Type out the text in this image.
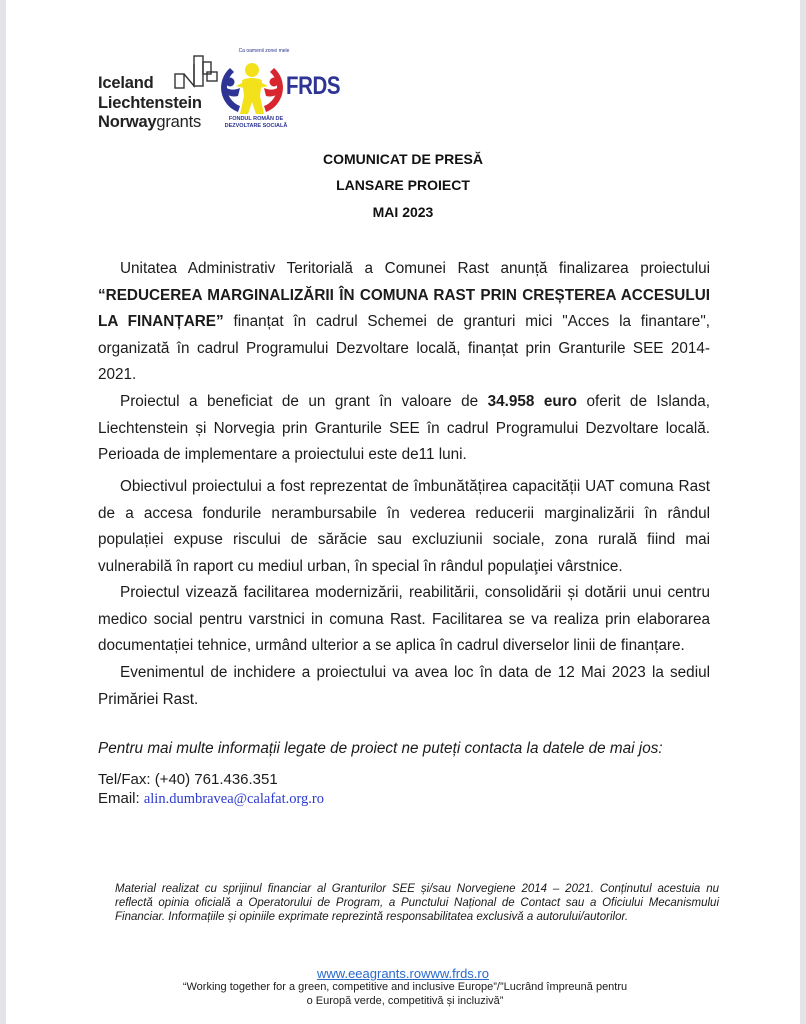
Iceland
Liechtenstein
Norwaygrants
Ca oamenii zonei mele
FRDS
FONDUL ROMÂN DE
DEZVOLTARE SOCIALĂ
COMUNICAT DE PRESĂ
LANSARE PROIECT
MAI 2023

Unitatea Administrativ Teritorială a Comunei Rast anunță finalizarea proiectului “REDUCEREA MARGINALIZĂRII ÎN COMUNA RAST PRIN CREȘTEREA ACCESULUI LA FINANȚARE” finanțat în cadrul Schemei de granturi mici "Acces la finantare", organizată în cadrul Programului Dezvoltare locală, finanțat prin Granturile SEE 2014-2021.

Proiectul a beneficiat de un grant în valoare de 34.958 euro oferit de Islanda, Liechtenstein și Norvegia prin Granturile SEE în cadrul Programului Dezvoltare locală. Perioada de implementare a proiectului este de11 luni.

Obiectivul proiectului a fost reprezentat de îmbunătățirea capacității UAT comuna Rast de a accesa fondurile nerambursabile în vederea reducerii marginalizării în rândul populației expuse riscului de sărăcie sau excluziunii sociale, zona rurală fiind mai vulnerabilă în raport cu mediul urban, în special în rândul populaţiei vârstnice.

Proiectul vizează facilitarea modernizării, reabilitării, consolidării și dotării unui centru medico social pentru varstnici in comuna Rast. Facilitarea se va realiza prin elaborarea documentației tehnice, urmând ulterior a se aplica în cadrul diverselor linii de finanțare.

Evenimentul de inchidere a proiectului va avea loc în data de 12 Mai 2023 la sediul Primăriei Rast.

Pentru mai multe informații legate de proiect ne puteți contacta la datele de mai jos:
Tel/Fax: (+40) 761.436.351
Email: alin.dumbravea@calafat.org.ro
Material realizat cu sprijinul financiar al Granturilor SEE și/sau Norvegiene 2014 – 2021. Conținutul acestuia nu reflectă opinia oficială a Operatorului de Program, a Punctului Național de Contact sau a Oficiului Mecanismului Financiar. Informațiile și opiniile exprimate reprezintă responsabilitatea exclusivă a autorului/autorilor.
www.eeagrants.rowww.frds.ro
“Working together for a green, competitive and inclusive Europe”/”Lucrând împreună pentru o Europă verde, competitivă și incluzivă”
